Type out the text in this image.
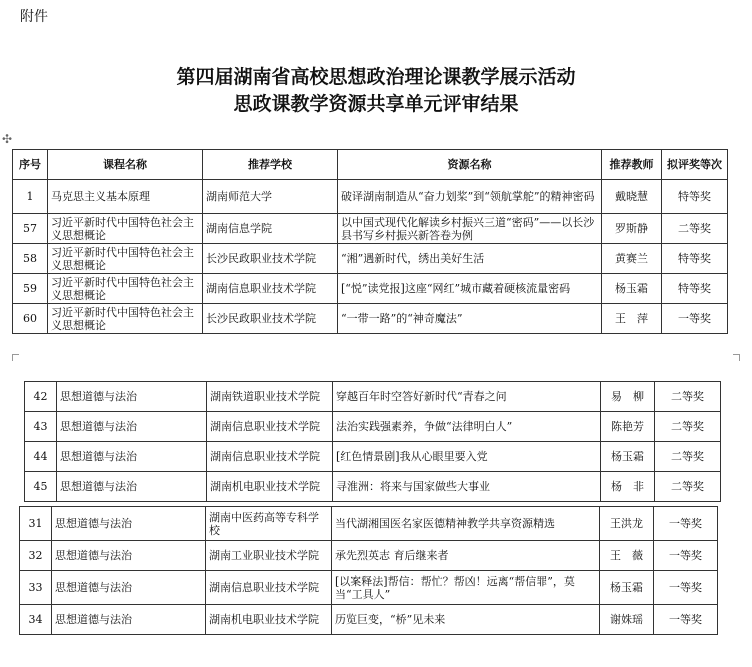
附件
第四届湖南省高校思想政治理论课教学展示活动
思政课教学资源共享单元评审结果
✣
序号	课程名称	推荐学校	资源名称	推荐教师	拟评奖等次
1	马克思主义基本原理	湖南师范大学	破译湖南制造从“奋力划桨”到“领航掌舵”的精神密码	戴晓慧	特等奖
57	习近平新时代中国特色社会主义思想概论	湖南信息学院	以中国式现代化解读乡村振兴三道“密码”——以长沙县书写乡村振兴新答卷为例	罗斯静	二等奖
58	习近平新时代中国特色社会主义思想概论	长沙民政职业技术学院	“湘”遇新时代，绣出美好生活	黄赛兰	特等奖
59	习近平新时代中国特色社会主义思想概论	湖南信息职业技术学院	[“悦”读党报]这座“网红”城市藏着硬核流量密码	杨玉霜	特等奖
60	习近平新时代中国特色社会主义思想概论	长沙民政职业技术学院	“一带一路”的“神奇魔法”	王　萍	一等奖
42	思想道德与法治	湖南铁道职业技术学院	穿越百年时空答好新时代“青春之问	易　柳	二等奖
43	思想道德与法治	湖南信息职业技术学院	法治实践强素养，争做“法律明白人”	陈艳芳	二等奖
44	思想道德与法治	湖南信息职业技术学院	[红色情景剧]我从心眼里要入党	杨玉霜	二等奖
45	思想道德与法治	湖南机电职业技术学院	寻淮洲：将来与国家做些大事业	杨　非	二等奖
31	思想道德与法治	湖南中医药高等专科学校	当代湖湘国医名家医德精神教学共享资源精选	王洪龙	一等奖
32	思想道德与法治	湖南工业职业技术学院	承先烈英志 育后继来者	王　薇	一等奖
33	思想道德与法治	湖南信息职业技术学院	[以案释法]帮信：帮忙？帮凶！远离“帮信罪”，莫当“工具人”	杨玉霜	一等奖
34	思想道德与法治	湖南机电职业技术学院	历览巨变，“桥”见未来	谢姝瑶	一等奖
